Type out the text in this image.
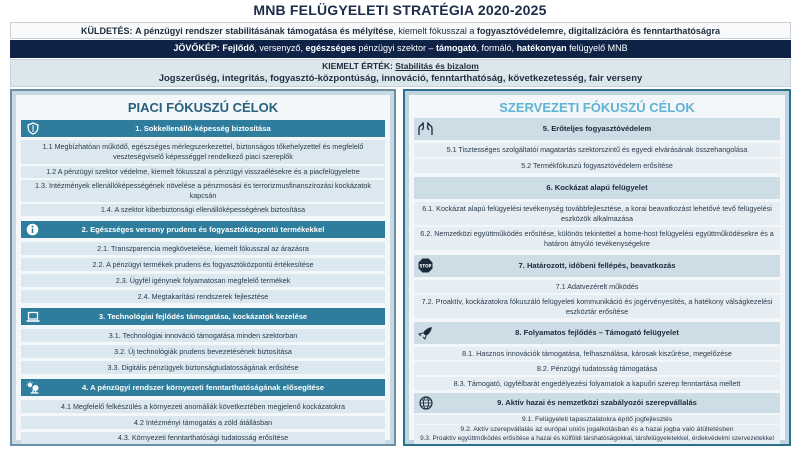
MNB FELÜGYELETI STRATÉGIA 2020-2025
KÜLDETÉS: A pénzügyi rendszer stabilitásának támogatása és mélyítése, kiemelt fókusszal a fogyasztóvédelemre, digitalizációra és fenntarthatóságra
JÖVŐKÉP: Fejlődő, versenyző, egészséges pénzügyi szektor – támogató, formáló, hatékonyan felügyelő MNB
KIEMELT ÉRTÉK: Stabilitás és bizalom
Jogszerűség, integritás, fogyasztó-központúság, innováció, fenntarthatóság, következetesség, fair verseny
PIACI FÓKUSZÚ CÉLOK
1. Sokkellenálló-képesség biztosítása
1.1 Megbízhatóan működő, egészséges mérlegszerkezettel, biztonságos tőkehelyzettel és megfelelő veszteségviselő képességgel rendelkező piaci szereplők
1.2 A pénzügyi szektor védelme, kiemelt fókusszal a pénzügyi visszaélésekre és a piacfelügyeletre
1.3. Intézmények ellenállóképességének növelése a pénzmosási és terrorizmusfinanszírozási kockázatok kapcsán
1.4. A szektor kiberbiztonsági ellenállóképességének biztosítása
2. Egészséges verseny prudens és fogyasztóközpontú termékekkel
2.1. Transzparencia megkövetelése, kiemelt fókusszal az árazásra
2.2. A pénzügyi termékek prudens és fogyasztóközpontú értékesítése
2.3. Ügyfél igénynek folyamatosan megfelelő termékek
2.4. Megtakarítási rendszerek fejlesztése
3. Technológiai fejlődés támogatása, kockázatok kezelése
3.1. Technológiai innováció támogatása minden szektorban
3.2. Új technológiák prudens bevezetésének biztosítása
3.3. Digitális pénzügyek biztonságtudatosságának erősítése
4. A pénzügyi rendszer környezeti fenntarthatóságának elősegítése
4.1 Megfelelő felkészülés a környezeti anomáliák következtében megjelenő kockázatokra
4.2 Intézményi támogatás a zöld átállásban
4.3. Környezeti fenntarthatósági tudatosság erősítése
SZERVEZETI FÓKUSZÚ CÉLOK
5. Erőteljes fogyasztóvédelem
5.1 Tisztességes szolgáltatói magatartás szektorszintű és egyedi elvárásának összehangolása
5.2 Termékfókuszú fogyasztóvédelem erősítése
6. Kockázat alapú felügyelet
6.1. Kockázat alapú felügyelési tevékenység továbbfejlesztése, a korai beavatkozást lehetővé tevő felügyelési eszközök alkalmazása
6.2. Nemzetközi együttműködés erősítése, különös tekintettel a home-host felügyelési együttműködésekre és a határon átnyúló tevékenységekre
STOP	7. Határozott, időbeni fellépés, beavatkozás
7.1 Adatvezérelt működés
7.2. Proaktív, kockázatokra fókuszáló felügyeleti kommunikáció és jogérvényesítés, a hatékony válságkezelési eszköztár erősítése
8. Folyamatos fejlődés – Támogató felügyelet
8.1. Hasznos innovációk támogatása, felhasználása, károsak kiszűrése, megelőzése
8.2. Pénzügyi tudatosság támogatása
8.3. Támogató, ügyfélbarát engedélyezési folyamatok a kapuőri szerep fenntartása mellett
9. Aktív hazai és nemzetközi szabályozói szerepvállalás
9.1. Felügyeleti tapasztalatokra építő jogfejlesztés
9.2. Aktív szerepvállalás az európai uniós jogalkotásban és a hazai jogba való átültetésben
9.3. Proaktív együttműködés erősítése a hazai és külföldi társhatóságokkal, társfelügyeletekkel, érdekvédelmi szervezetekkel
